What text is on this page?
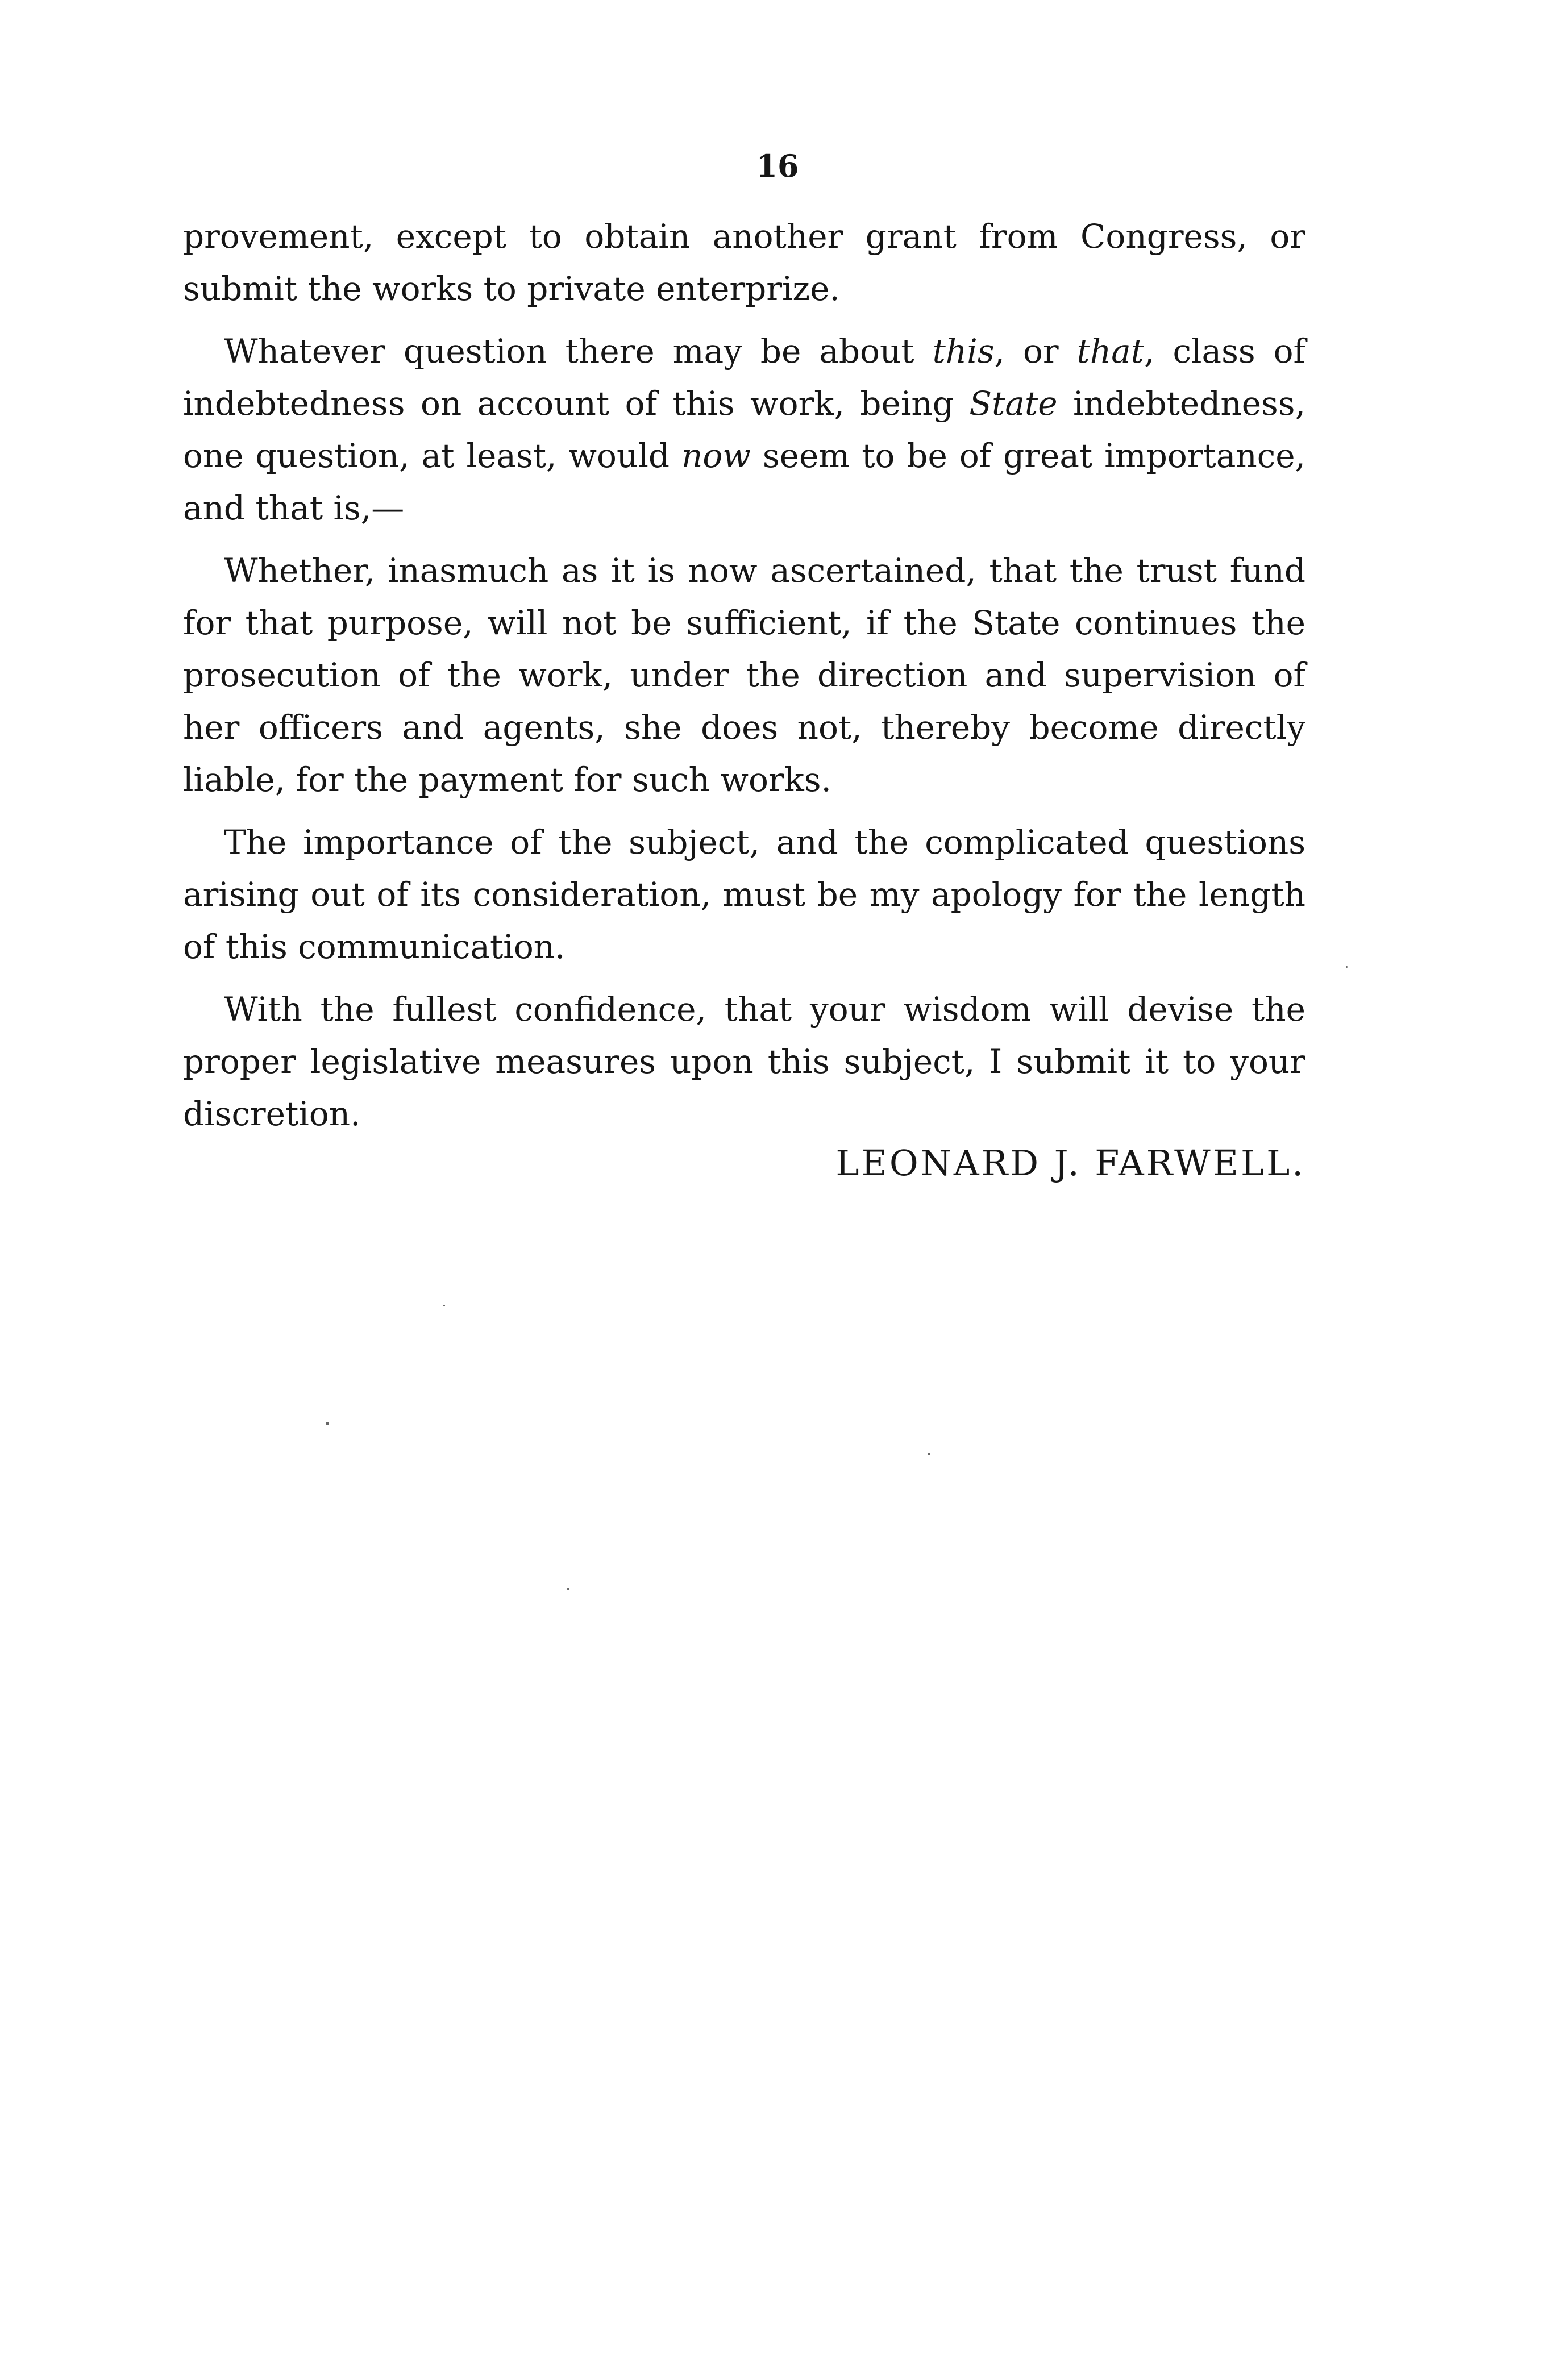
16

provement, except to obtain another grant from Congress, or submit the works to private enterprize.

Whatever question there may be about this, or that, class of indebtedness on account of this work, being State indebtedness, one question, at least, would now seem to be of great importance, and that is,—

Whether, inasmuch as it is now ascertained, that the trust fund for that purpose, will not be sufficient, if the State continues the prosecution of the work, under the direction and supervision of her officers and agents, she does not, thereby become directly liable, for the payment for such works.

The importance of the subject, and the complicated questions arising out of its consideration, must be my apology for the length of this communication.

With the fullest confidence, that your wisdom will devise the proper legislative measures upon this subject, I submit it to your discretion.

LEONARD J. FARWELL.
